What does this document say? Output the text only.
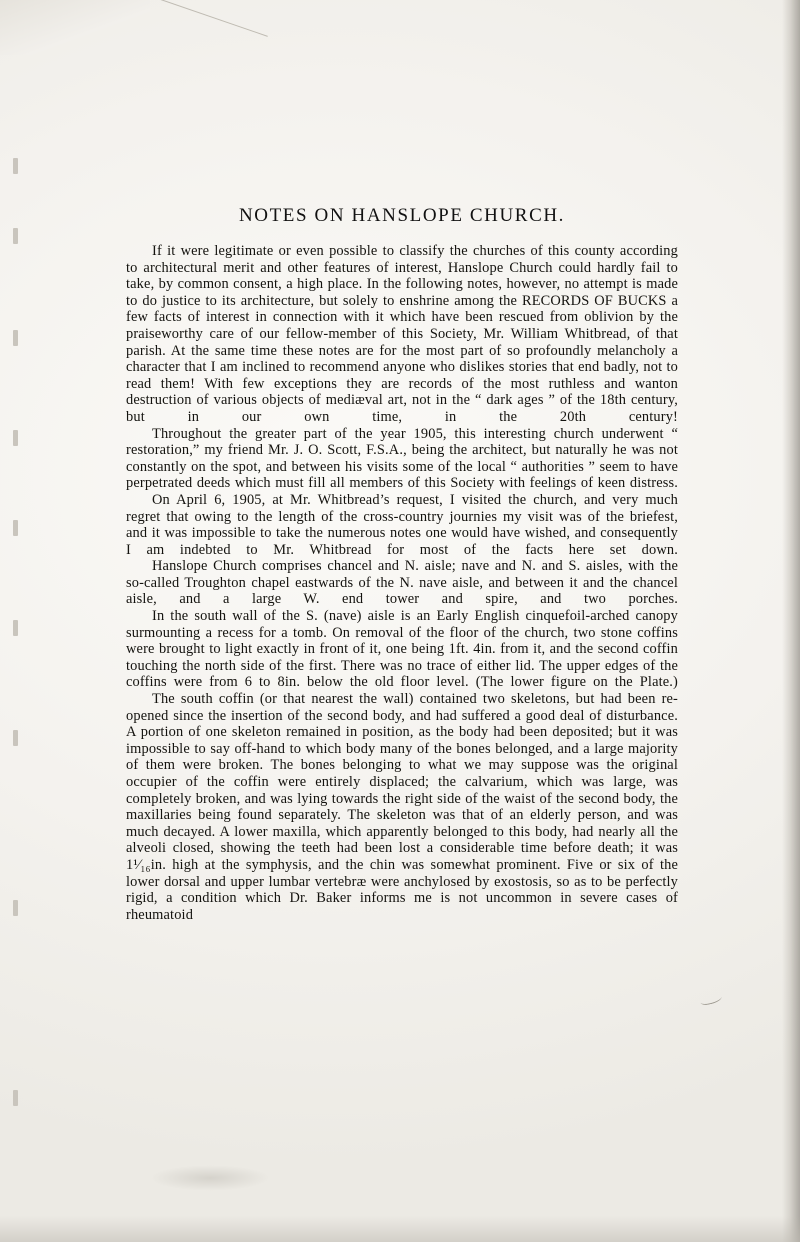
NOTES ON HANSLOPE CHURCH.

If it were legitimate or even possible to classify the churches of this county according to architectural merit and other features of interest, Hanslope Church could hardly fail to take, by common consent, a high place. In the following notes, however, no attempt is made to do justice to its architecture, but solely to enshrine among the RECORDS OF BUCKS a few facts of interest in connection with it which have been rescued from oblivion by the praiseworthy care of our fellow-member of this Society, Mr. William Whitbread, of that parish. At the same time these notes are for the most part of so profoundly melancholy a character that I am inclined to recommend anyone who dislikes stories that end badly, not to read them! With few exceptions they are records of the most ruthless and wanton destruction of various objects of mediæval art, not in the “ dark ages ” of the 18th century, but in our own time, in the 20th century!

Throughout the greater part of the year 1905, this interesting church underwent “ restoration,” my friend Mr. J. O. Scott, F.S.A., being the architect, but naturally he was not constantly on the spot, and between his visits some of the local “ authorities ” seem to have perpetrated deeds which must fill all members of this Society with feelings of keen distress.

On April 6, 1905, at Mr. Whitbread’s request, I visited the church, and very much regret that owing to the length of the cross-country journies my visit was of the briefest, and it was impossible to take the numerous notes one would have wished, and consequently I am indebted to Mr. Whitbread for most of the facts here set down.

Hanslope Church comprises chancel and N. aisle; nave and N. and S. aisles, with the so-called Troughton chapel eastwards of the N. nave aisle, and between it and the chancel aisle, and a large W. end tower and spire, and two porches.

In the south wall of the S. (nave) aisle is an Early English cinquefoil-arched canopy surmounting a recess for a tomb. On removal of the floor of the church, two stone coffins were brought to light exactly in front of it, one being 1ft. 4in. from it, and the second coffin touching the north side of the first. There was no trace of either lid. The upper edges of the coffins were from 6 to 8in. below the old floor level. (The lower figure on the Plate.)

The south coffin (or that nearest the wall) contained two skeletons, but had been re-opened since the insertion of the second body, and had suffered a good deal of disturbance. A portion of one skeleton remained in position, as the body had been deposited; but it was impossible to say off-hand to which body many of the bones belonged, and a large majority of them were broken. The bones belonging to what we may suppose was the original occupier of the coffin were entirely displaced; the calvarium, which was large, was completely broken, and was lying towards the right side of the waist of the second body, the maxillaries being found separately. The skeleton was that of an elderly person, and was much decayed. A lower maxilla, which apparently belonged to this body, had nearly all the alveoli closed, showing the teeth had been lost a considerable time before death; it was 1¹⁄₁₆in. high at the symphysis, and the chin was somewhat prominent. Five or six of the lower dorsal and upper lumbar vertebræ were anchylosed by exostosis, so as to be perfectly rigid, a condition which Dr. Baker informs me is not uncommon in severe cases of rheumatoid
